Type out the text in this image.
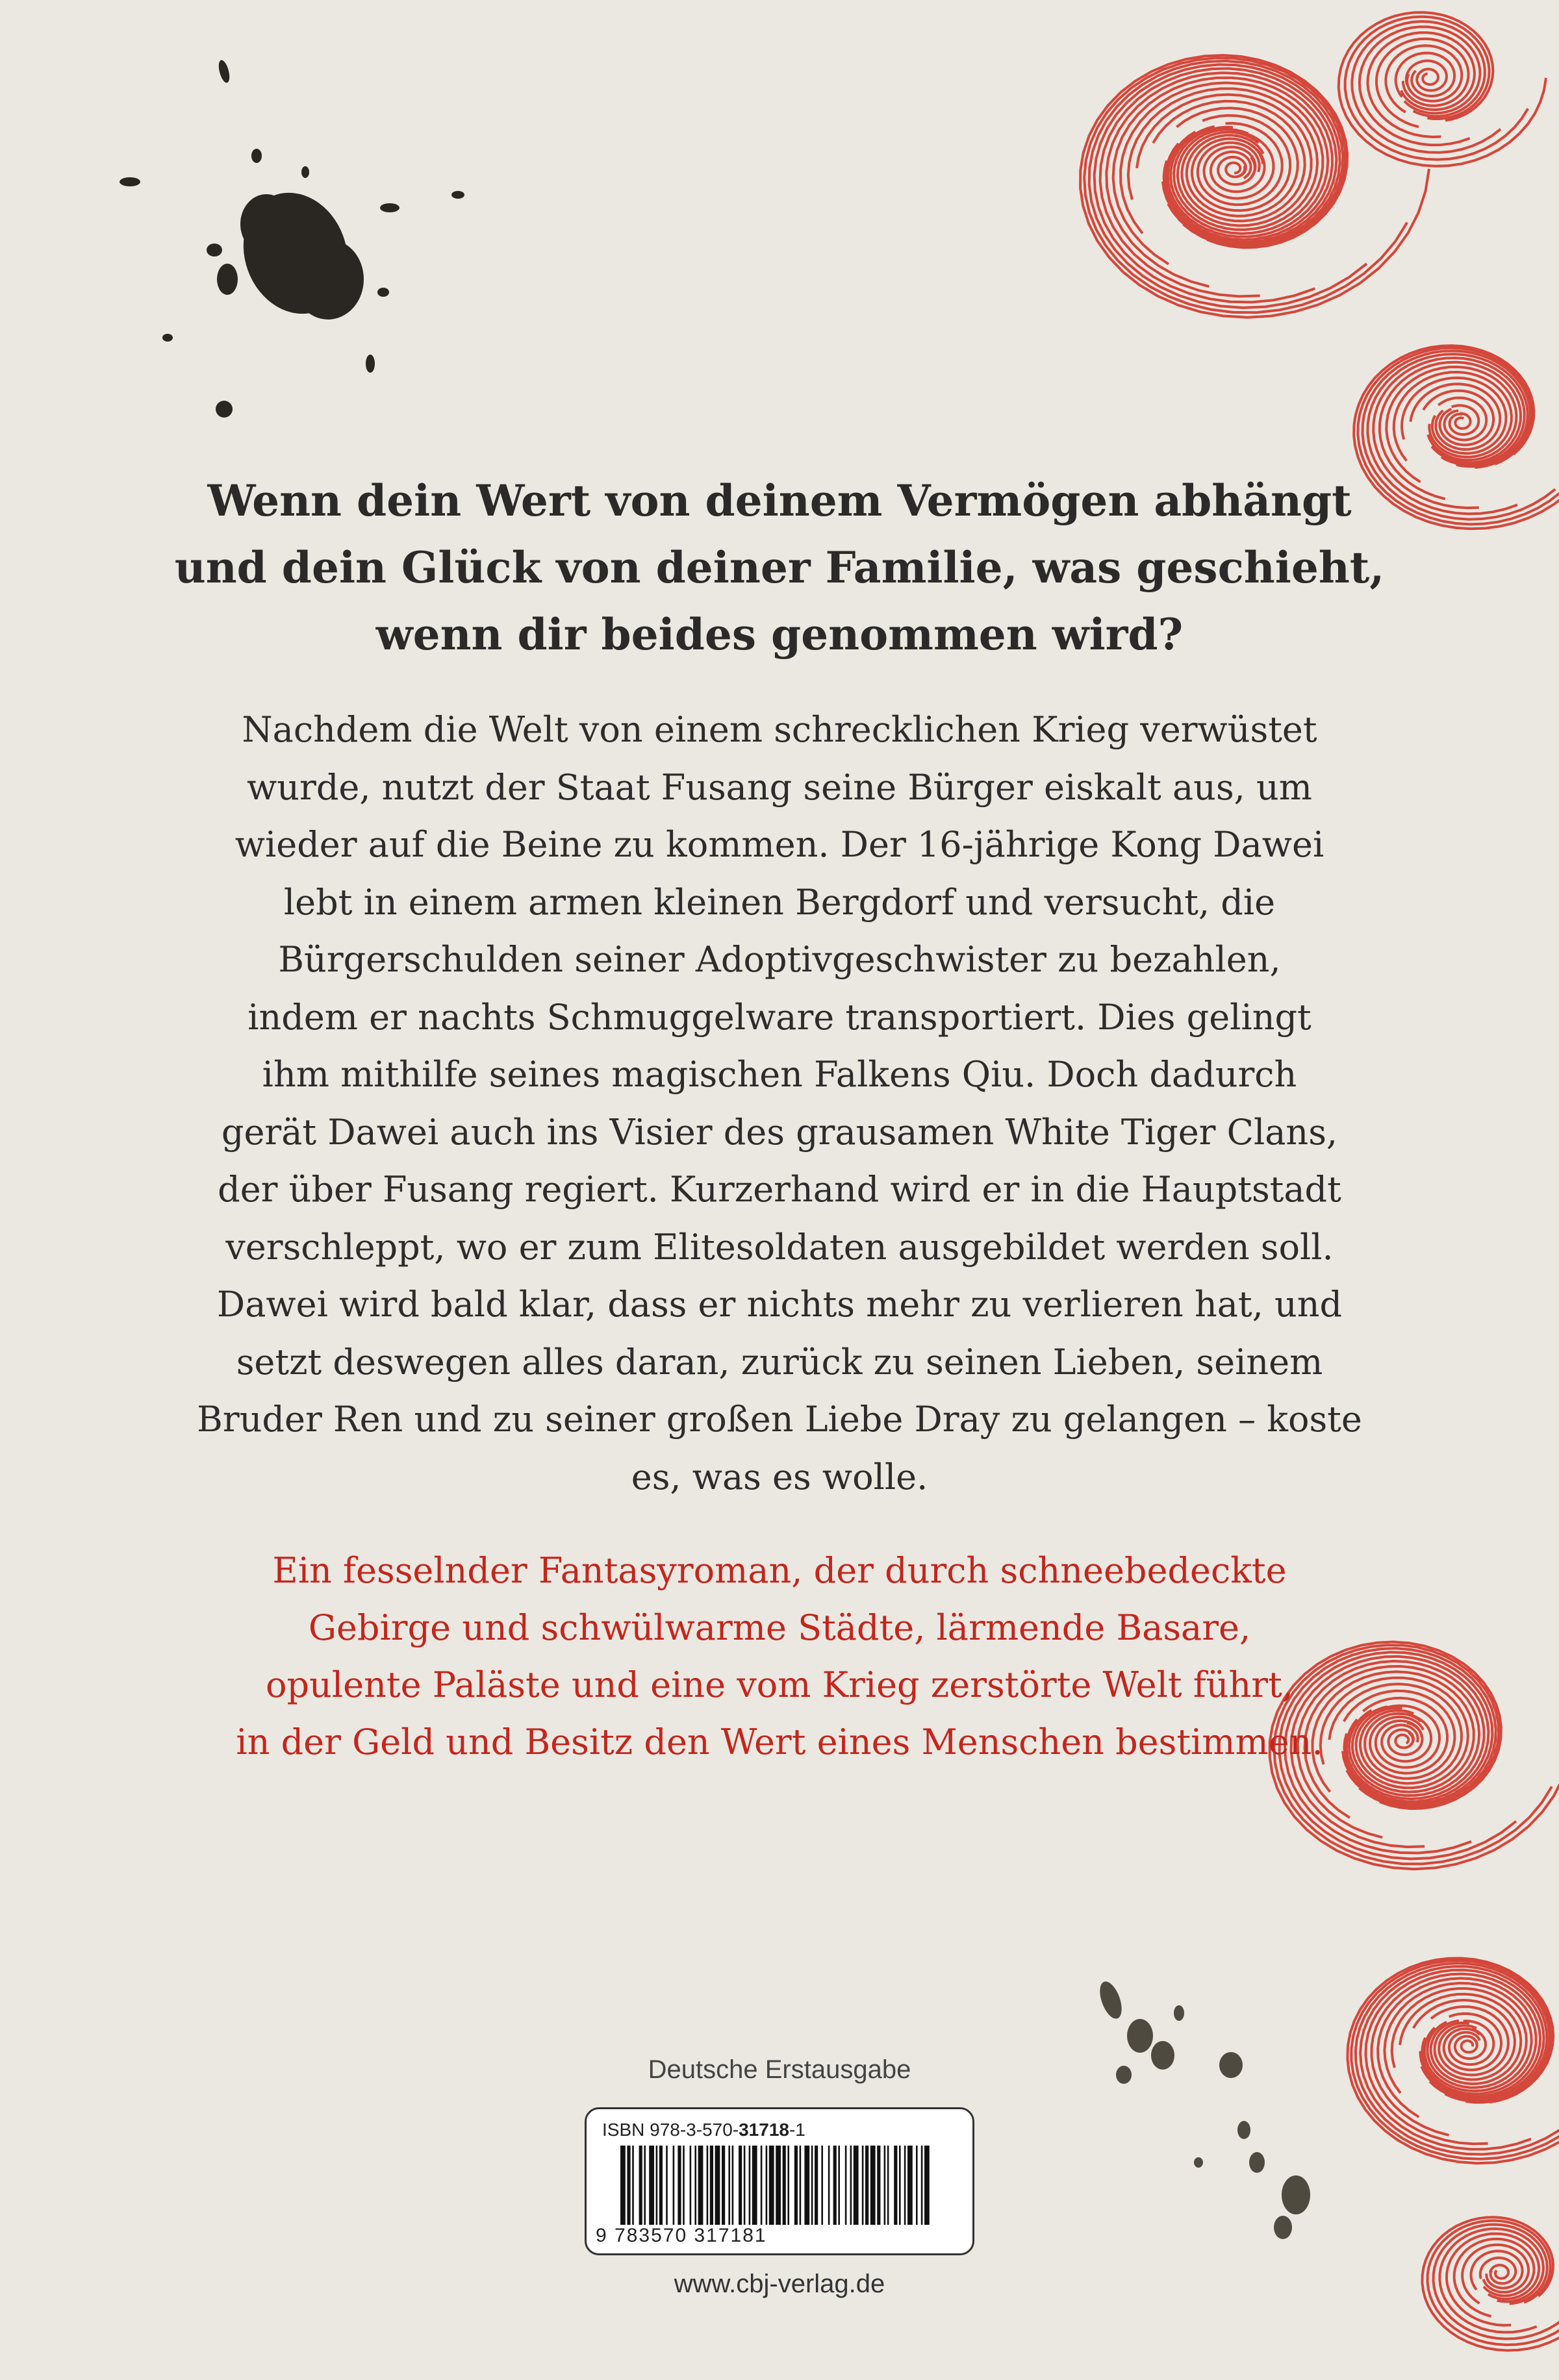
Wenn dein Wert von deinem Vermögen abhängt
und dein Glück von deiner Familie, was geschieht,
wenn dir beides genommen wird?
Nachdem die Welt von einem schrecklichen Krieg verwüstet
wurde, nutzt der Staat Fusang seine Bürger eiskalt aus, um
wieder auf die Beine zu kommen. Der 16-jährige Kong Dawei
lebt in einem armen kleinen Bergdorf und versucht, die
Bürgerschulden seiner Adoptivgeschwister zu bezahlen,
indem er nachts Schmuggelware transportiert. Dies gelingt
ihm mithilfe seines magischen Falkens Qiu. Doch dadurch
gerät Dawei auch ins Visier des grausamen White Tiger Clans,
der über Fusang regiert. Kurzerhand wird er in die Hauptstadt
verschleppt, wo er zum Elitesoldaten ausgebildet werden soll.
Dawei wird bald klar, dass er nichts mehr zu verlieren hat, und
setzt deswegen alles daran, zurück zu seinen Lieben, seinem
Bruder Ren und zu seiner großen Liebe Dray zu gelangen – koste
es, was es wolle.
Ein fesselnder Fantasyroman, der durch schneebedeckte
Gebirge und schwülwarme Städte, lärmende Basare,
opulente Paläste und eine vom Krieg zerstörte Welt führt,
in der Geld und Besitz den Wert eines Menschen bestimmen.
Deutsche Erstausgabe
ISBN 978-3-570-31718-1
9 783570 317181
www.cbj-verlag.de
